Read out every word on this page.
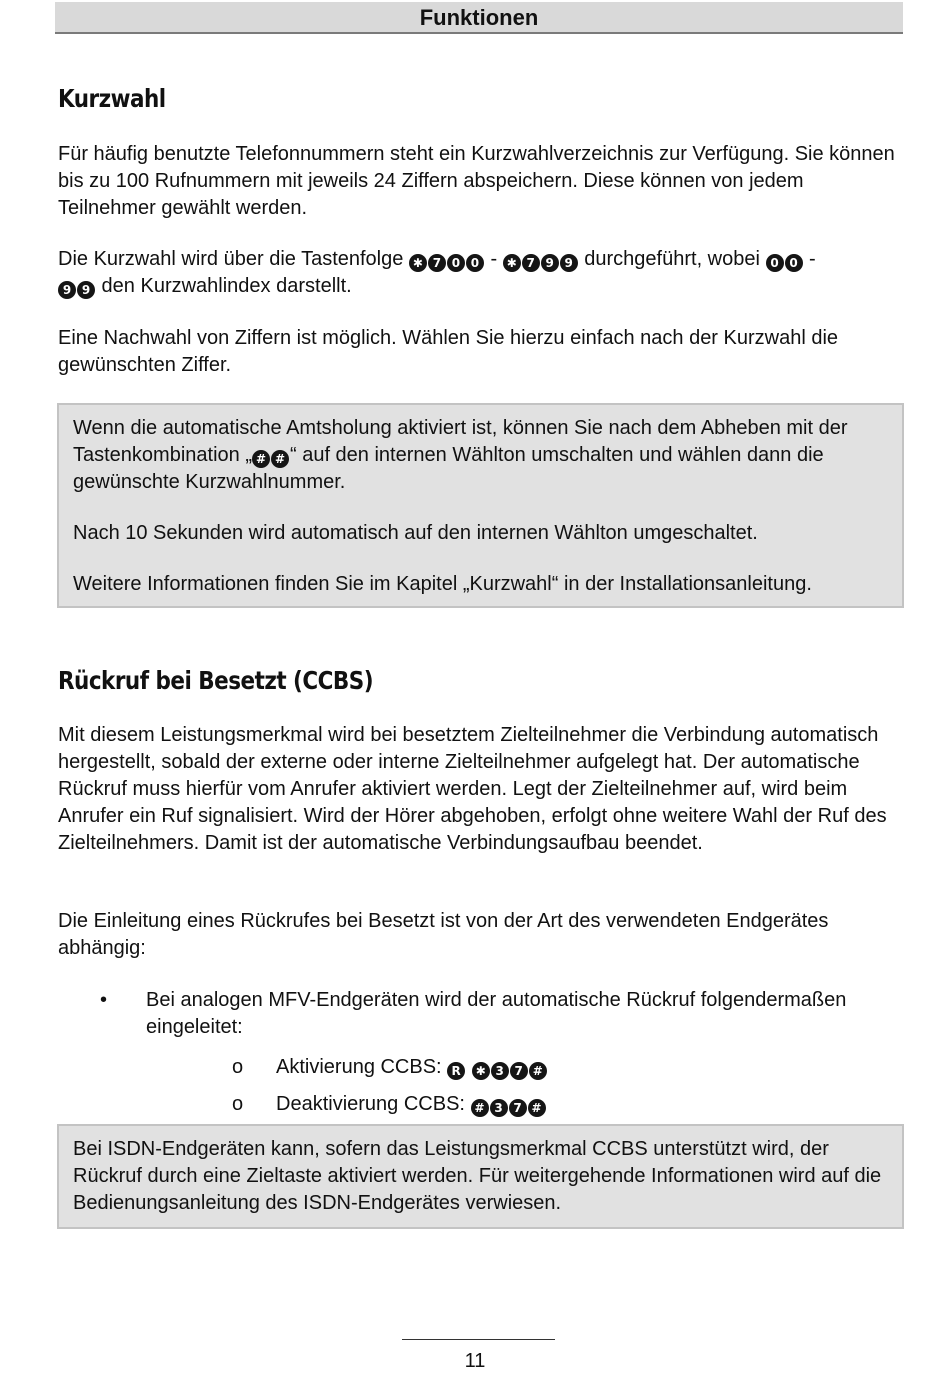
Funktionen
Kurzwahl

Für häufig benutzte Telefonnummern steht ein Kurzwahlverzeichnis zur Verfügung. Sie können bis zu 100 Rufnummern mit jeweils 24 Ziffern abspeichern. Diese können von jedem Teilnehmer gewählt werden.

Die Kurzwahl wird über die Tastenfolge ✱ 7 0 0 - ✱ 7 9 9 durchgeführt, wobei 0 0 -
9 9 den Kurzwahlindex darstellt.

Eine Nachwahl von Ziffern ist möglich. Wählen Sie hierzu einfach nach der Kurzwahl die gewünschten Ziffer.

Wenn die automatische Amtsholung aktiviert ist, können Sie nach dem Abheben mit der Tastenkombination „ # # “ auf den internen Wählton umschalten und wählen dann die gewünschte Kurzwahlnummer.

Nach 10 Sekunden wird automatisch auf den internen Wählton umgeschaltet.

Weitere Informationen finden Sie im Kapitel „Kurzwahl“ in der Installationsanleitung.

Rückruf bei Besetzt (CCBS)

Mit diesem Leistungsmerkmal wird bei besetztem Zielteilnehmer die Verbindung automatisch hergestellt, sobald der externe oder interne Zielteilnehmer aufgelegt hat. Der automatische Rückruf muss hierfür vom Anrufer aktiviert werden. Legt der Zielteilnehmer auf, wird beim Anrufer ein Ruf signalisiert. Wird der Hörer abgehoben, erfolgt ohne weitere Wahl der Ruf des Zielteilnehmers. Damit ist der automatische Verbindungsaufbau beendet.

Die Einleitung eines Rückrufes bei Besetzt ist von der Art des verwendeten Endgerätes abhängig:

• Bei analogen MFV-Endgeräten wird der automatische Rückruf folgendermaßen eingeleitet:
o Aktivierung CCBS: R ✱ 3 7 #
o Deaktivierung CCBS: # 3 7 #

Bei ISDN-Endgeräten kann, sofern das Leistungsmerkmal CCBS unterstützt wird, der Rückruf durch eine Zieltaste aktiviert werden. Für weitergehende Informationen wird auf die Bedienungsanleitung des ISDN-Endgerätes verwiesen.

11
